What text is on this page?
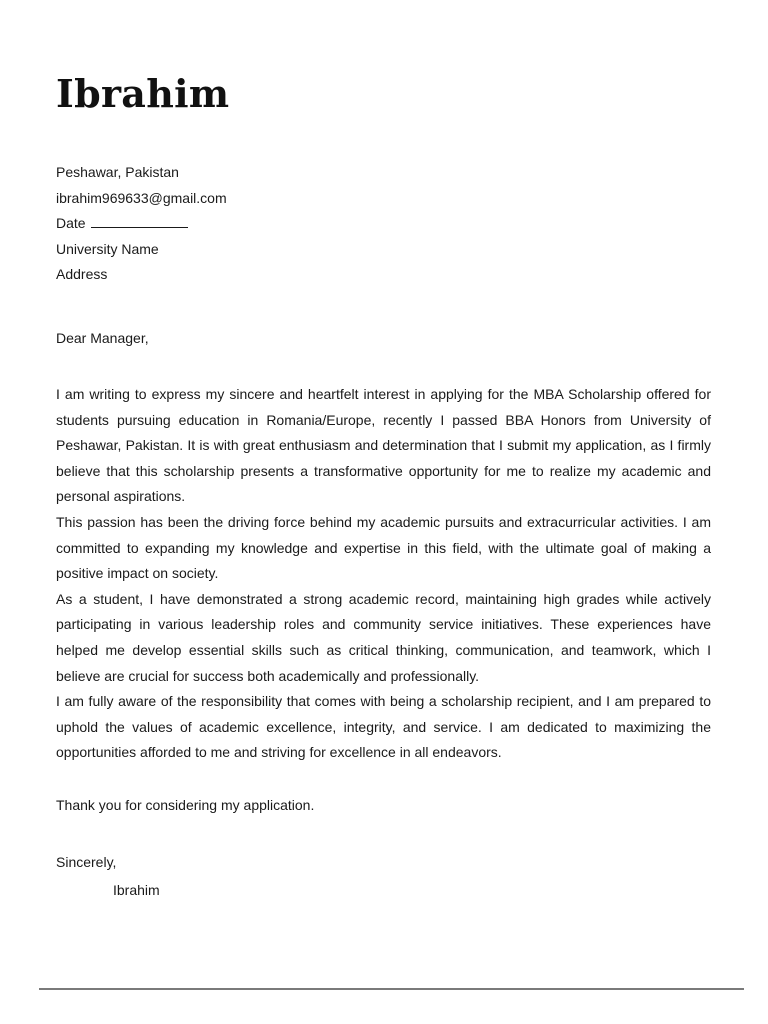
Ibrahim
Peshawar, Pakistan
ibrahim969633@gmail.com
Date
University Name
Address

Dear Manager,

I am writing to express my sincere and heartfelt interest in applying for the MBA Scholarship offered for students pursuing education in Romania/Europe, recently I passed BBA Honors from University of Peshawar, Pakistan. It is with great enthusiasm and determination that I submit my application, as I firmly believe that this scholarship presents a transformative opportunity for me to realize my academic and personal aspirations.

This passion has been the driving force behind my academic pursuits and extracurricular activities. I am committed to expanding my knowledge and expertise in this field, with the ultimate goal of making a positive impact on society.

As a student, I have demonstrated a strong academic record, maintaining high grades while actively participating in various leadership roles and community service initiatives. These experiences have helped me develop essential skills such as critical thinking, communication, and teamwork, which I believe are crucial for success both academically and professionally.

I am fully aware of the responsibility that comes with being a scholarship recipient, and I am prepared to uphold the values of academic excellence, integrity, and service. I am dedicated to maximizing the opportunities afforded to me and striving for excellence in all endeavors.

Thank you for considering my application.

Sincerely,

Ibrahim
